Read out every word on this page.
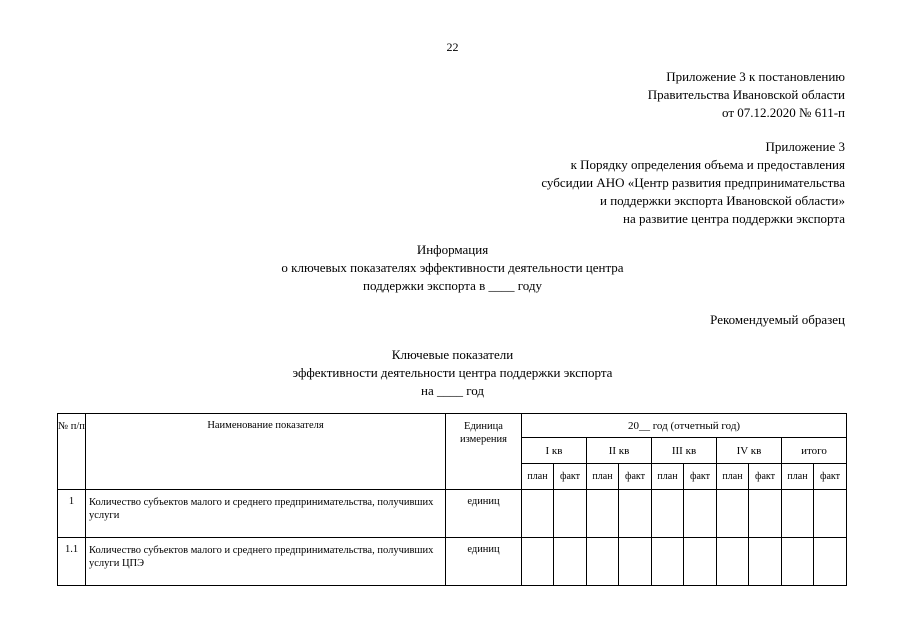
22
Приложение 3 к постановлению
Правительства Ивановской области
от 07.12.2020 № 611-п
Приложение 3
к Порядку определения объема и предоставления
субсидии АНО «Центр развития предпринимательства
и поддержки экспорта Ивановской области»
на развитие центра поддержки экспорта
Информация
о ключевых показателях эффективности деятельности центра
поддержки экспорта в ____ году
Рекомендуемый образец
Ключевые показатели
эффективности деятельности центра поддержки экспорта
на ____ год
№ п/п	Наименование показателя	Единица измерения	20__ год (отчетный год)									
			I кв		II кв		III кв		IV кв		итого	
			план	факт	план	факт	план	факт	план	факт	план	факт
1	Количество субъектов малого и среднего предпринимательства, получивших услуги	единиц										
1.1	Количество субъектов малого и среднего предпринимательства, получивших услуги ЦПЭ	единиц										
